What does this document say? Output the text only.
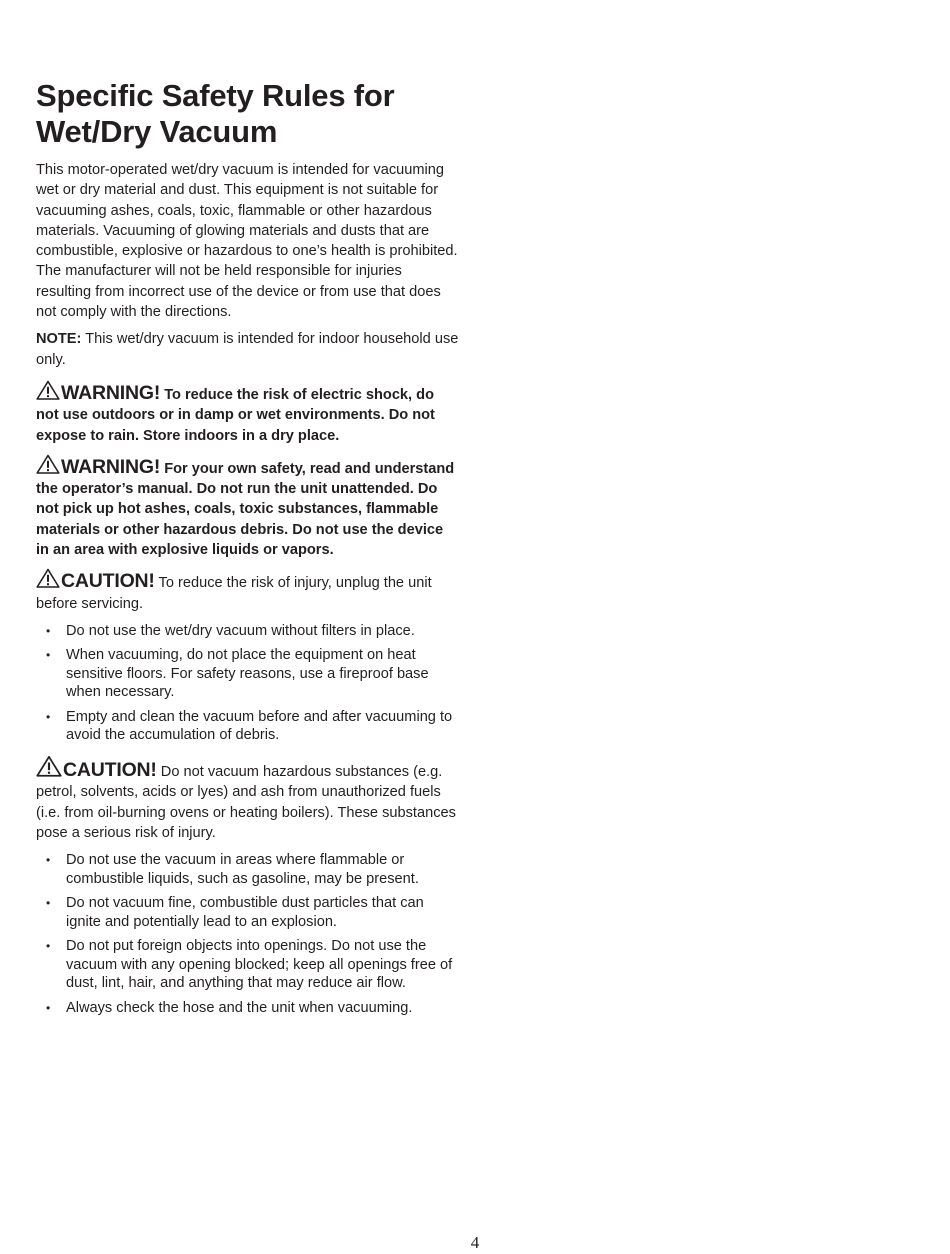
Specific Safety Rules for
Wet/Dry Vacuum

This motor-operated wet/dry vacuum is intended for vacuuming wet or dry material and dust. This equipment is not suitable for vacuuming ashes, coals, toxic, flammable or other hazardous materials. Vacuuming of glowing materials and dusts that are combustible, explosive or hazardous to one’s health is prohibited. The manufacturer will not be held responsible for injuries resulting from incorrect use of the device or from use that does not comply with the directions.

NOTE: This wet/dry vacuum is intended for indoor household use only.

WARNING! To reduce the risk of electric shock, do not use outdoors or in damp or wet environments. Do not expose to rain. Store indoors in a dry place.

WARNING! For your own safety, read and understand the operator’s manual. Do not run the unit unattended. Do not pick up hot ashes, coals, toxic substances, flammable materials or other hazardous debris. Do not use the device in an area with explosive liquids or vapors.

CAUTION! To reduce the risk of injury, unplug the unit before servicing.

• Do not use the wet/dry vacuum without filters in place.
• When vacuuming, do not place the equipment on heat sensitive floors. For safety reasons, use a fireproof base when necessary.
• Empty and clean the vacuum before and after vacuuming to avoid the accumulation of debris.

CAUTION! Do not vacuum hazardous substances (e.g. petrol, solvents, acids or lyes) and ash from unauthorized fuels (i.e. from oil-burning ovens or heating boilers). These substances pose a serious risk of injury.

• Do not use the vacuum in areas where flammable or combustible liquids, such as gasoline, may be present.
• Do not vacuum fine, combustible dust particles that can ignite and potentially lead to an explosion.
• Do not put foreign objects into openings. Do not use the vacuum with any opening blocked; keep all openings free of dust, lint, hair, and anything that may reduce air flow.
• Always check the hose and the unit when vacuuming.
4
